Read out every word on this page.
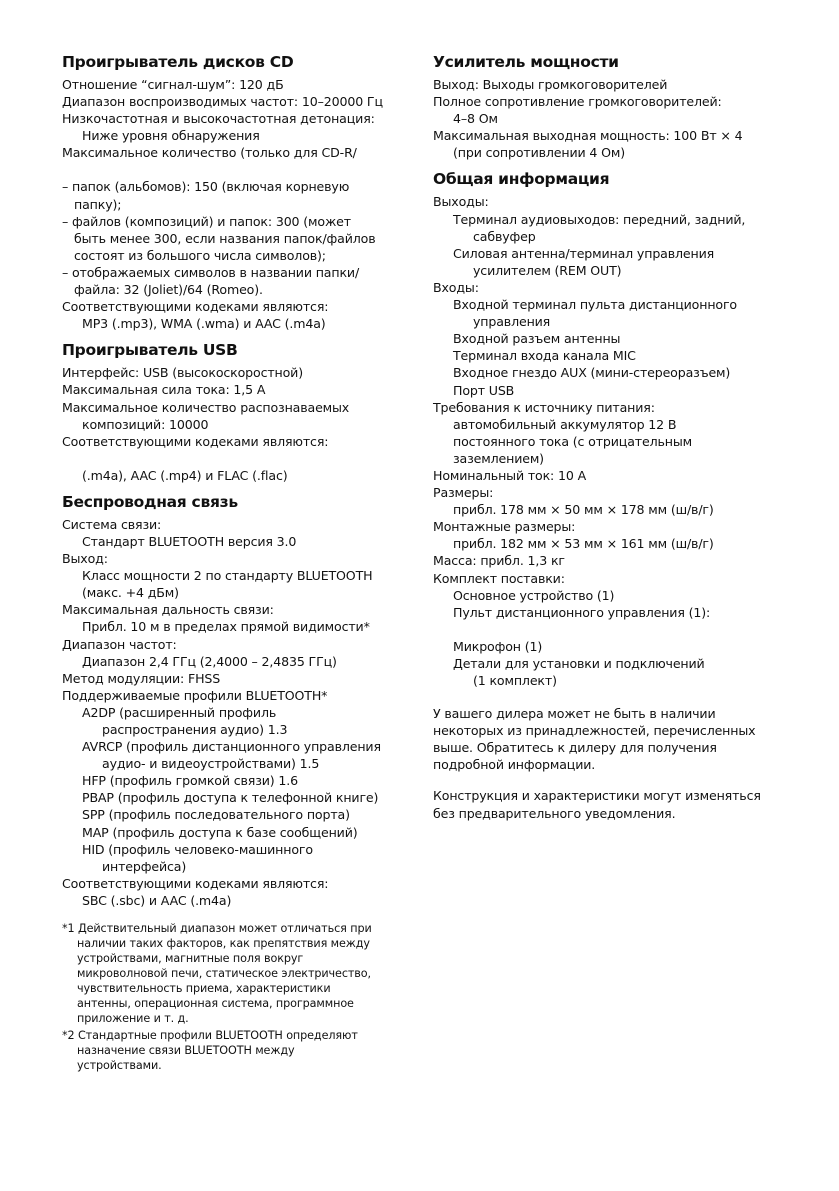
Проигрыватель дисков CD
Отношение “сигнал-шум”: 120 дБ
Диапазон воспроизводимых частот: 10–20000 Гц
Низкочастотная и высокочастотная детонация:
Ниже уровня обнаружения
Максимальное количество (только для CD-R/
– папок (альбомов): 150 (включая корневую
папку);
– файлов (композиций) и папок: 300 (может
быть менее 300, если названия папок/файлов
состоят из большого числа символов);
– отображаемых символов в названии папки/
файла: 32 (Joliet)/64 (Romeo).
Соответствующими кодеками являются:
MP3 (.mp3), WMA (.wma) и AAC (.m4a)
Проигрыватель USB
Интерфейс: USB (высокоскоростной)
Максимальная сила тока: 1,5 А
Максимальное количество распознаваемых
композиций: 10000
Соответствующими кодеками являются:
(.m4a), AAC (.mp4) и FLAC (.flac)
Беспроводная связь
Система связи:
Стандарт BLUETOOTH версия 3.0
Выход:
Класс мощности 2 по стандарту BLUETOOTH
(макс. +4 дБм)
Максимальная дальность связи:
Прибл. 10 м в пределах прямой видимости*
Диапазон частот:
Диапазон 2,4 ГГц (2,4000 – 2,4835 ГГц)
Метод модуляции: FHSS
Поддерживаемые профили BLUETOOTH*
A2DP (расширенный профиль
распространения аудио) 1.3
AVRCP (профиль дистанционного управления
аудио- и видеоустройствами) 1.5
HFP (профиль громкой связи) 1.6
PBAP (профиль доступа к телефонной книге)
SPP (профиль последовательного порта)
MAP (профиль доступа к базе сообщений)
HID (профиль человеко-машинного
интерфейса)
Соответствующими кодеками являются:
SBC (.sbc) и AAC (.m4a)
*1 Действительный диапазон может отличаться при
наличии таких факторов, как препятствия между
устройствами, магнитные поля вокруг
микроволновой печи, статическое электричество,
чувствительность приема, характеристики
антенны, операционная система, программное
приложение и т. д.
*2 Стандартные профили BLUETOOTH определяют
назначение связи BLUETOOTH между
устройствами.
Усилитель мощности
Выход: Выходы громкоговорителей
Полное сопротивление громкоговорителей:
4–8 Ом
Максимальная выходная мощность: 100 Вт × 4
(при сопротивлении 4 Ом)
Общая информация
Выходы:
Терминал аудиовыходов: передний, задний,
сабвуфер
Силовая антенна/терминал управления
усилителем (REM OUT)
Входы:
Входной терминал пульта дистанционного
управления
Входной разъем антенны
Терминал входа канала MIC
Входное гнездо AUX (мини-стереоразъем)
Порт USB
Требования к источнику питания:
автомобильный аккумулятор 12 В
постоянного тока (с отрицательным
заземлением)
Номинальный ток: 10 А
Размеры:
прибл. 178 мм × 50 мм × 178 мм (ш/в/г)
Монтажные размеры:
прибл. 182 мм × 53 мм × 161 мм (ш/в/г)
Масса: прибл. 1,3 кг
Комплект поставки:
Основное устройство (1)
Пульт дистанционного управления (1):
Микрофон (1)
Детали для установки и подключений
(1 комплект)
У вашего дилера может не быть в наличии
некоторых из принадлежностей, перечисленных
выше. Обратитесь к дилеру для получения
подробной информации.
Конструкция и характеристики могут изменяться
без предварительного уведомления.
